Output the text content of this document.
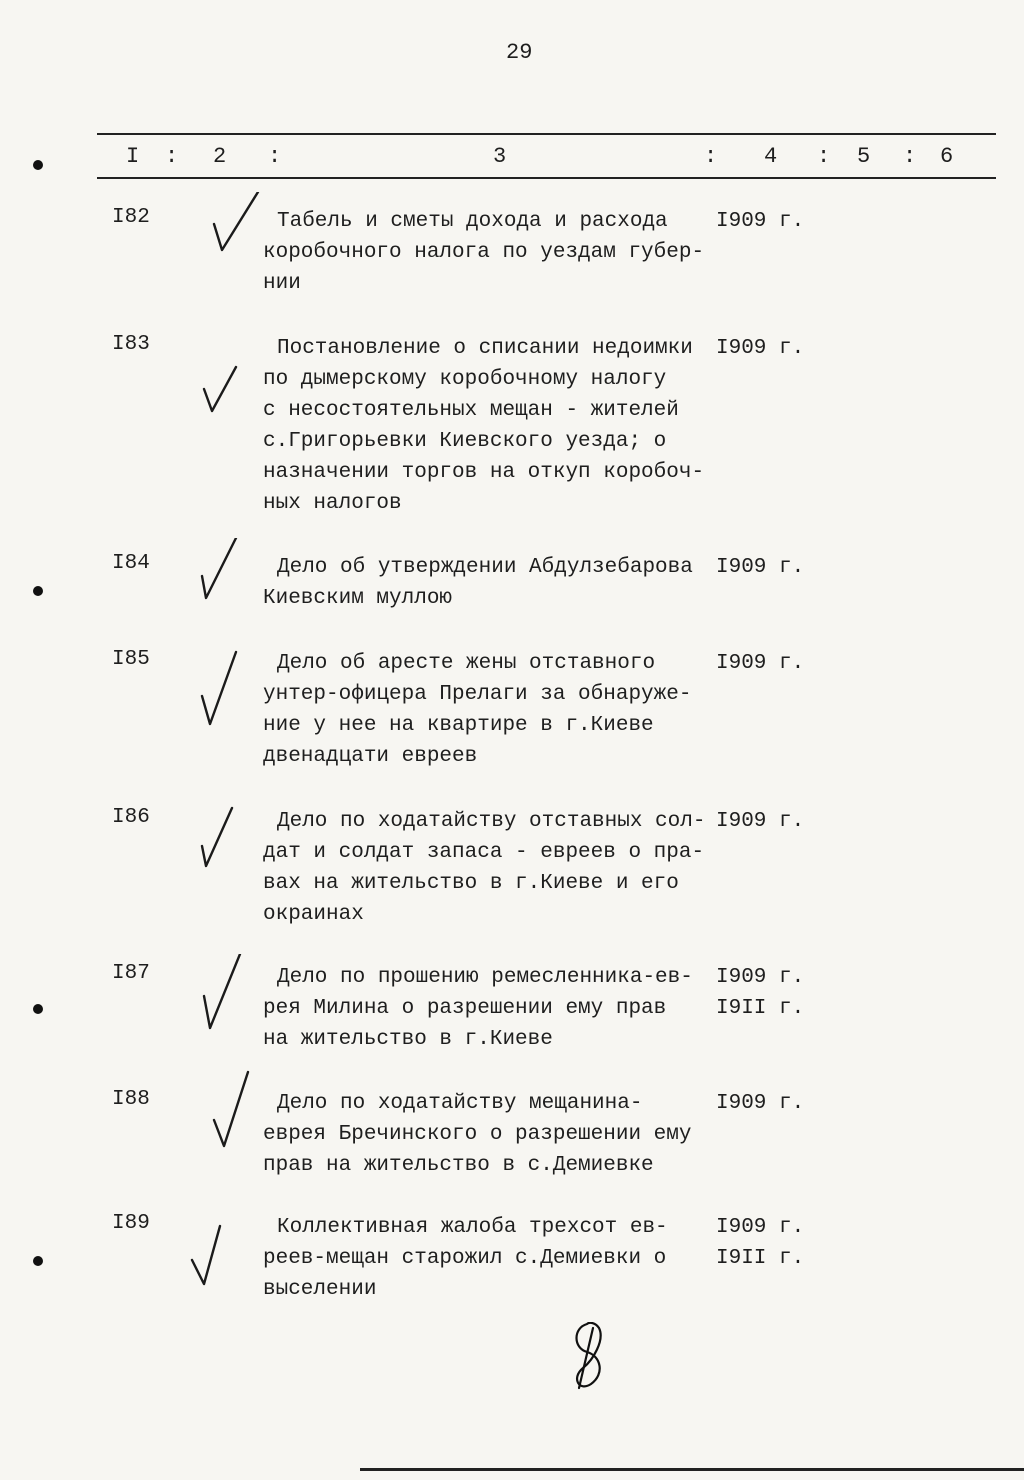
29
I : 2 :	3	: 4 : 5 : 6
I82	Табель и сметы дохода и расхода
коробочного налога по уездам губер-
нии
I909 г.
I83	Постановление о списании недоимки
по дымерскому коробочному налогу
с несостоятельных мещан - жителей
с.Григорьевки Киевского уезда; о
назначении торгов на откуп коробоч-
ных налогов
I909 г.
I84	Дело об утверждении Абдулзебарова
Киевским муллою
I909 г.
I85	Дело об аресте жены отставного
унтер-офицера Прелаги за обнаруже-
ние у нее на квартире в г.Киеве
двенадцати евреев
I909 г.
I86	Дело по ходатайству отставных сол-
дат и солдат запаса - евреев о пра-
вах на жительство в г.Киеве и его
окраинах
I909 г.
I87	Дело по прошению ремесленника-ев-
рея Милина о разрешении ему прав
на жительство в г.Киеве
I909 г.
I9II г.
I88	Дело по ходатайству мещанина-
еврея Бречинского о разрешении ему
прав на жительство в с.Демиевке
I909 г.
I89	Коллективная жалоба трехсот ев-
реев-мещан старожил с.Демиевки о
выселении
I909 г.
I9II г.
